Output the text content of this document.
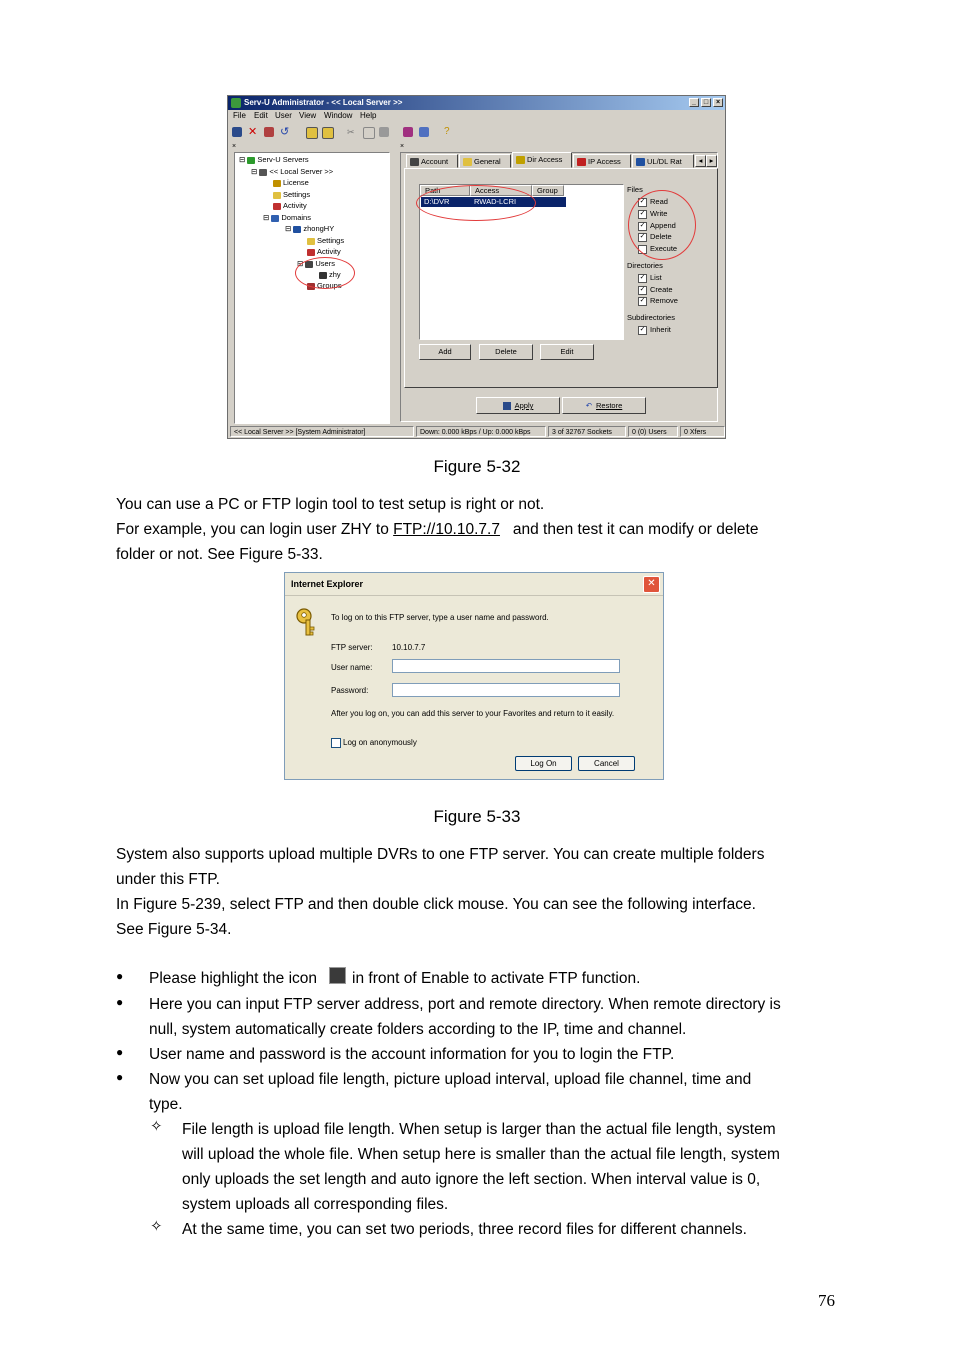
Serv-U Administrator - << Local Server >>	_	□	×
File Edit User View Window Help
✕ ↺	✂	?
×	×
⊟ Serv-U Servers
⊟ << Local Server >>
License
Settings
Activity
⊟ Domains
⊟ zhongHY
Settings
Activity
⊟ Users
zhy
Groups
Account	General	Dir Access	IP Access	UL/DL Rat	◂ ▸
Path	Access	Group
D:\DVR	RWAD-LCRI
Files
✓ Read
✓ Write
✓ Append
✓ Delete
Execute
Directories
✓ List
✓ Create
✓ Remove
Subdirectories
✓ Inherit
Add	Delete	Edit
Apply	↶ Restore
<< Local Server >> [System Administrator]	Down: 0.000 kBps / Up: 0.000 kBps	3 of 32767 Sockets	0 (0) Users	0 Xfers
Figure 5-32
You can use a PC or FTP login tool to test setup is right or not.
For example, you can login user ZHY to FTP://10.10.7.7   and then test it can modify or delete
folder or not. See Figure 5-33.
Internet Explorer	✕
To log on to this FTP server, type a user name and password.
FTP server: 10.10.7.7
User name:
Password:
After you log on, you can add this server to your Favorites and return to it easily.
Log on anonymously
Log On	Cancel
Figure 5-33
System also supports upload multiple DVRs to one FTP server. You can create multiple folders
under this FTP.
In Figure 5-239, select FTP and then double click mouse. You can see the following interface.
See Figure 5-34.
● Please highlight the icon in front of Enable to activate FTP function.
● Here you can input FTP server address, port and remote directory. When remote directory is
null, system automatically create folders according to the IP, time and channel.
● User name and password is the account information for you to login the FTP.
● Now you can set upload file length, picture upload interval, upload file channel, time and
type.
✧ File length is upload file length. When setup is larger than the actual file length, system
will upload the whole file. When setup here is smaller than the actual file length, system
only uploads the set length and auto ignore the left section. When interval value is 0,
system uploads all corresponding files.
✧ At the same time, you can set two periods, three record files for different channels.
76
